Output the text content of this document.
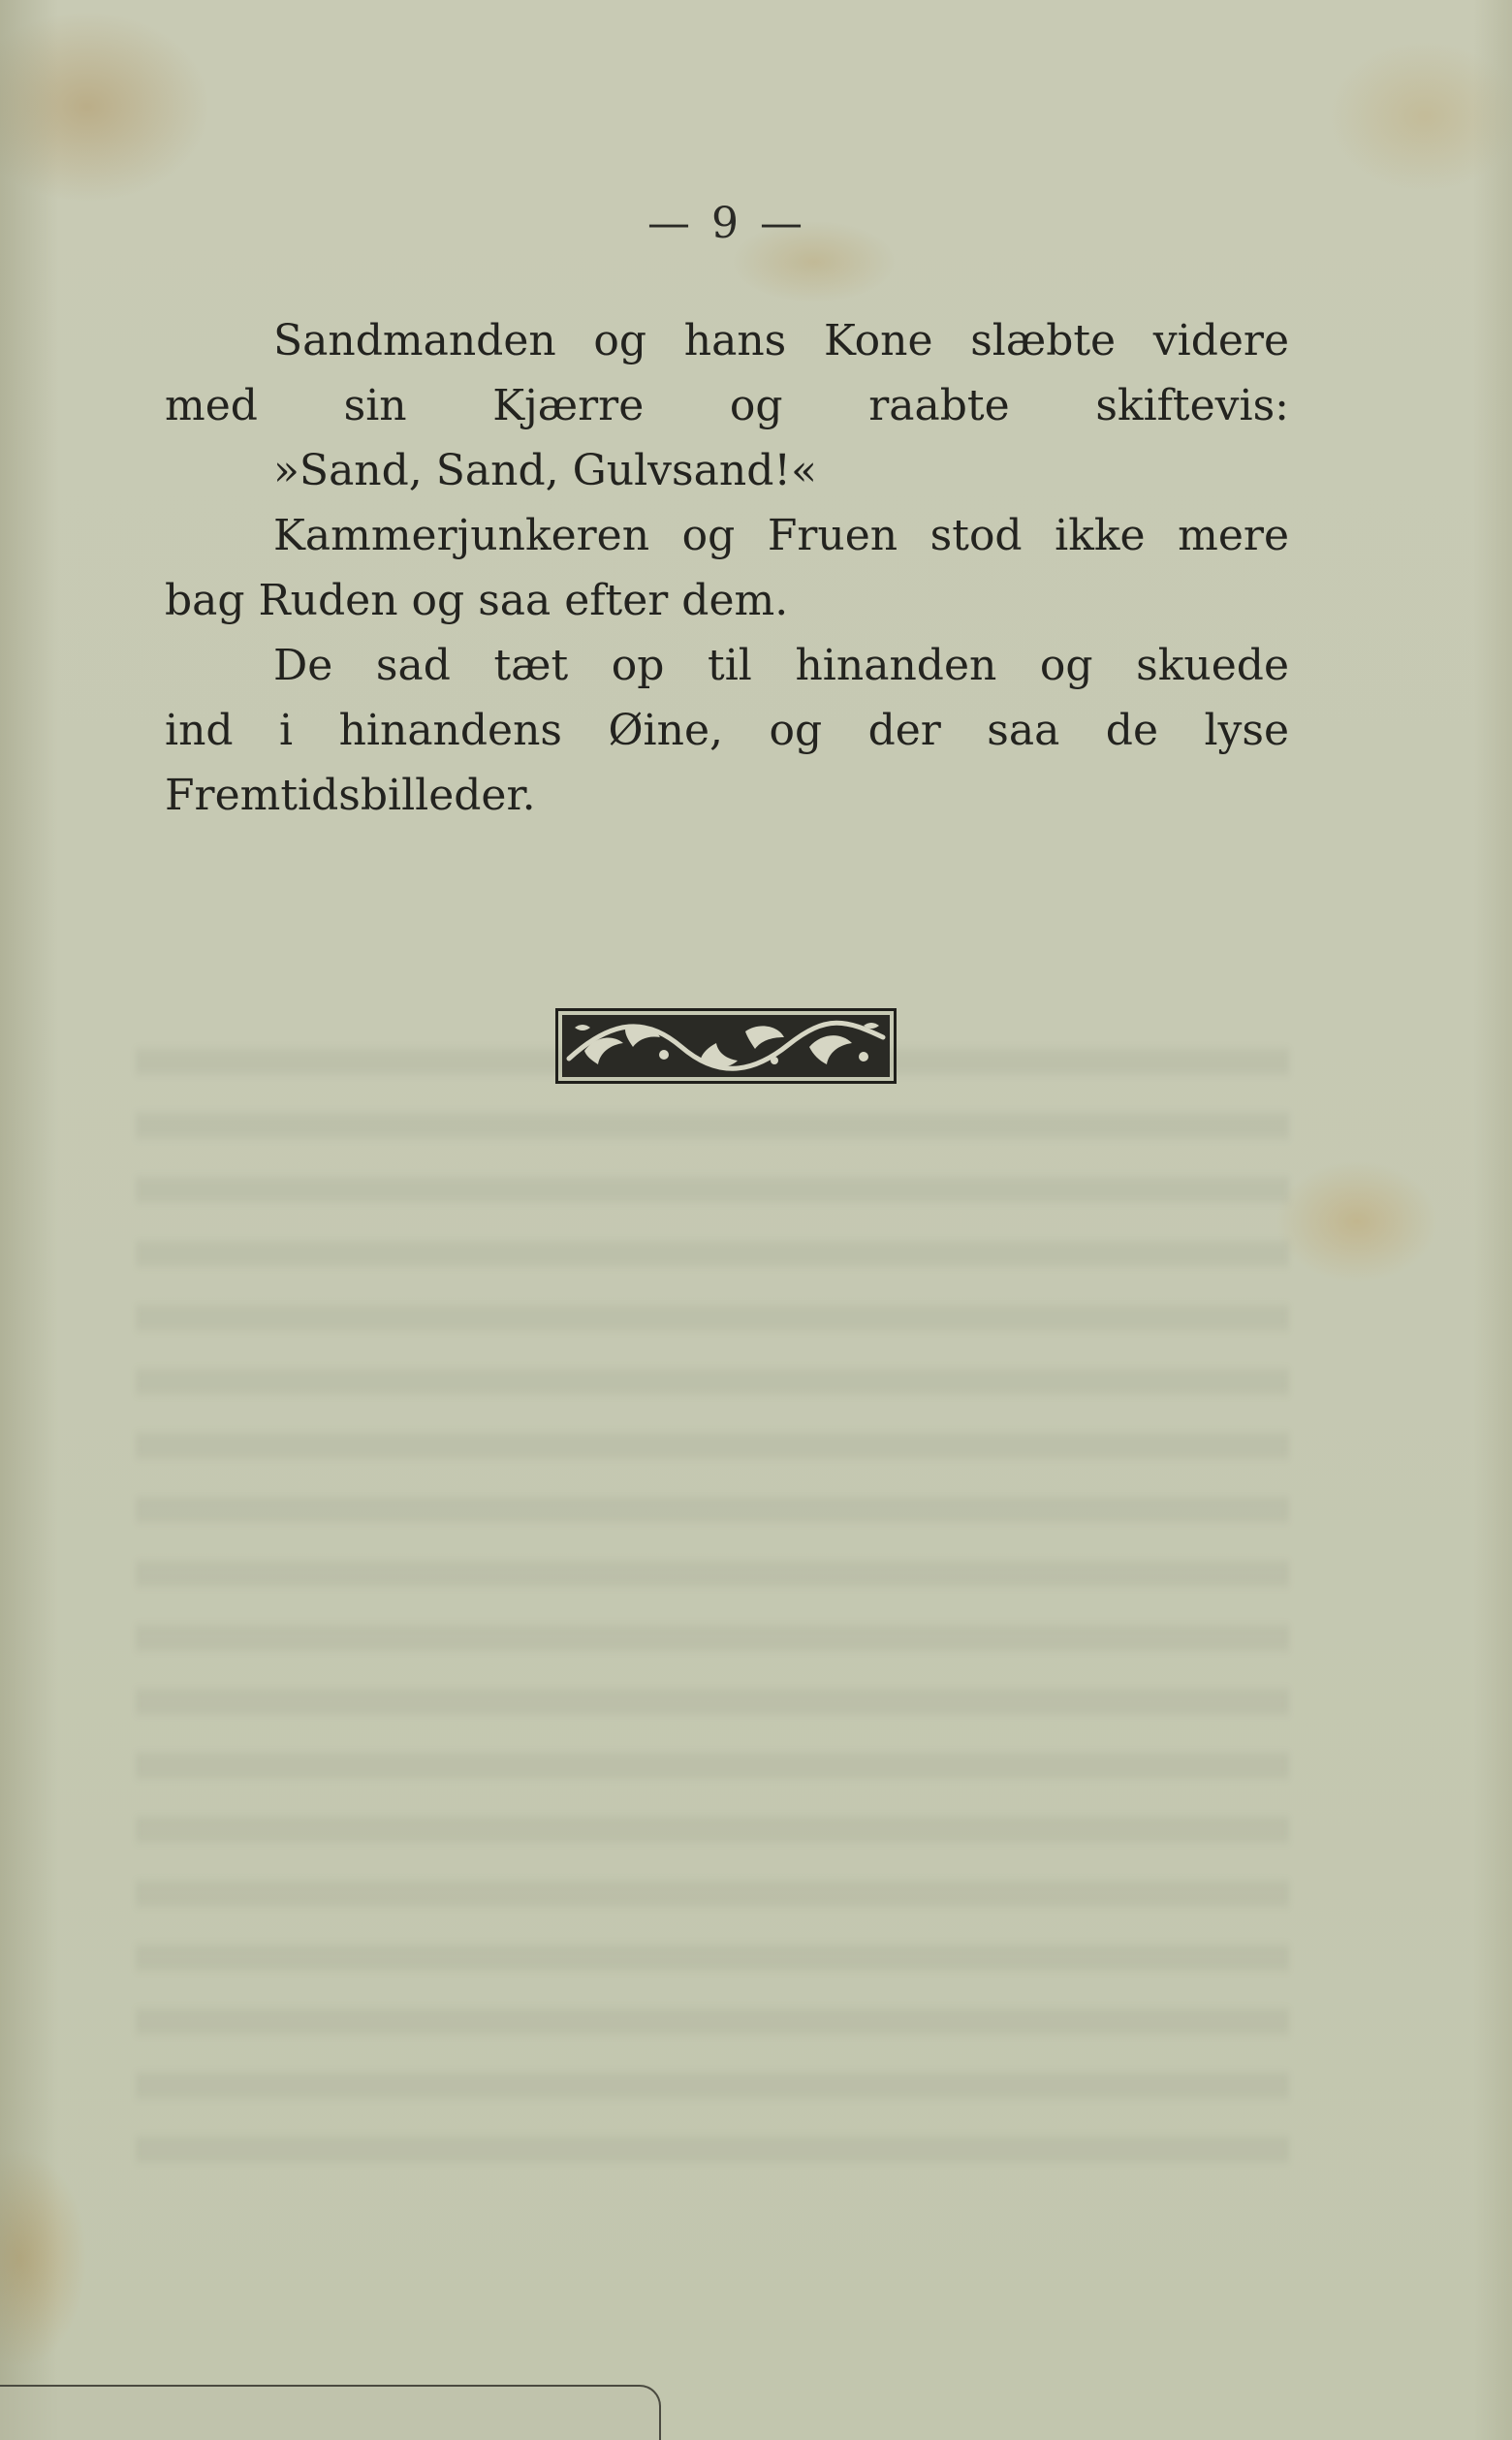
— 9 —
Sandmanden og hans Kone slæbte videre
med sin Kjærre og raabte skiftevis:
»Sand, Sand, Gulvsand!«
Kammerjunkeren og Fruen stod ikke mere
bag Ruden og saa efter dem.
De sad tæt op til hinanden og skuede
ind i hinandens Øine, og der saa de lyse
Fremtidsbilleder.
